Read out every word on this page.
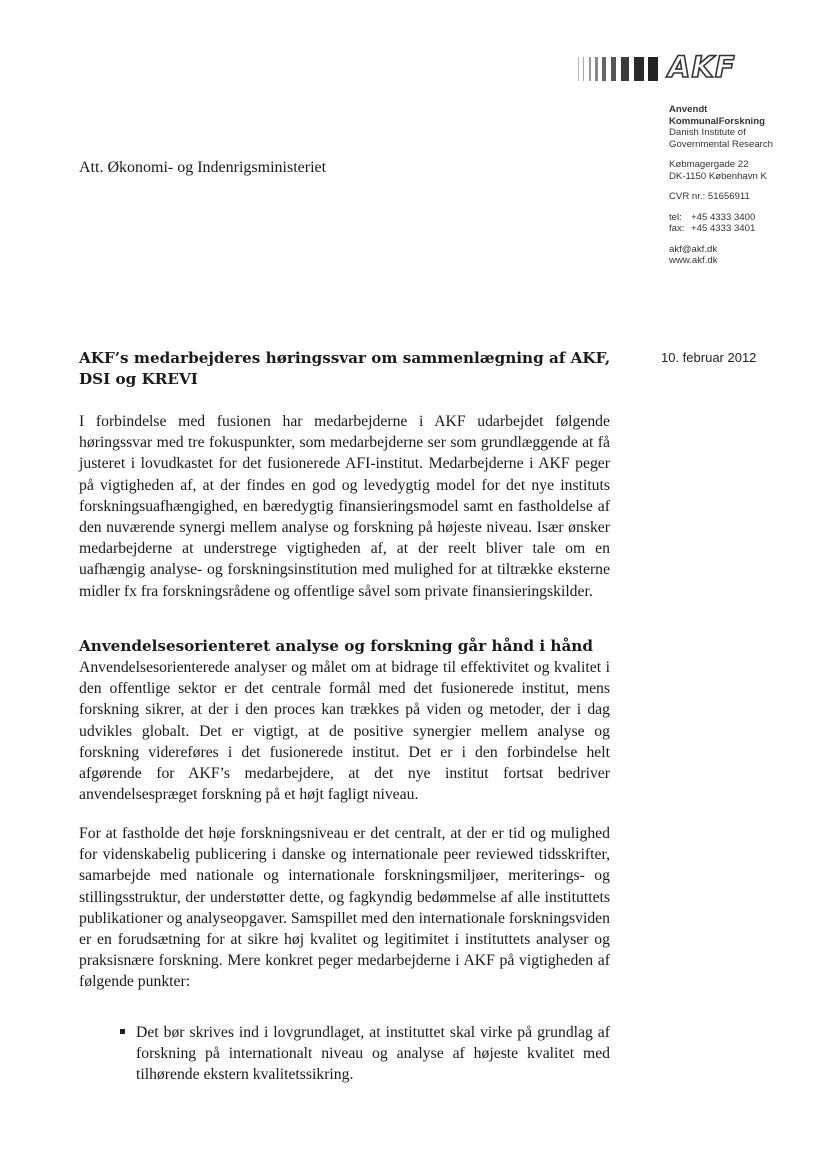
AKF

Anvendt

KommunalForskning

Danish Institute of

Governmental Research

Købmagergade 22
DK-1150 København K
CVR nr.: 51656911
tel: +45 4333 3400
fax: +45 4333 3401
akf@akf.dk
www.akf.dk
Att. Økonomi- og Indenrigsministeriet
AKF’s medarbejderes høringssvar om sammenlægning af AKF, DSI og KREVI
10. februar 2012

I forbindelse med fusionen har medarbejderne i AKF udarbejdet følgende høringssvar med tre fokuspunkter, som medarbejderne ser som grundlæggende at få justeret i lovudkastet for det fusionerede AFI-institut. Medarbejderne i AKF peger på vigtigheden af, at der findes en god og levedygtig model for det nye instituts forskningsuafhængighed, en bæredygtig finansieringsmodel samt en fastholdelse af den nuværende synergi mellem analyse og forskning på højeste niveau. Især ønsker medarbejderne at understrege vigtigheden af, at der reelt bliver tale om en uafhængig analyse- og forskningsinstitution med mulighed for at tiltrække eksterne midler fx fra forskningsrådene og offentlige såvel som private finansieringskilder.

Anvendelsesorienteret analyse og forskning går hånd i hånd

Anvendelsesorienterede analyser og målet om at bidrage til effektivitet og kvalitet i den offentlige sektor er det centrale formål med det fusionerede institut, mens forskning sikrer, at der i den proces kan trækkes på viden og metoder, der i dag udvikles globalt. Det er vigtigt, at de positive synergier mellem analyse og forskning videreføres i det fusionerede institut. Det er i den forbindelse helt afgørende for AKF’s medarbejdere, at det nye institut fortsat bedriver anvendelsespræget forskning på et højt fagligt niveau.

For at fastholde det høje forskningsniveau er det centralt, at der er tid og mulighed for videnskabelig publicering i danske og internationale peer reviewed tidsskrifter, samarbejde med nationale og internationale forskningsmiljøer, meriterings- og stillingsstruktur, der understøtter dette, og fagkyndig bedømmelse af alle instituttets publikationer og analyseopgaver. Samspillet med den internationale forskningsviden er en forudsætning for at sikre høj kvalitet og legitimitet i instituttets analyser og praksisnære forskning. Mere konkret peger medarbejderne i AKF på vigtigheden af følgende punkter:

Det bør skrives ind i lovgrundlaget, at instituttet skal virke på grundlag af forskning på internationalt niveau og analyse af højeste kvalitet med tilhørende ekstern kvalitetssikring.
